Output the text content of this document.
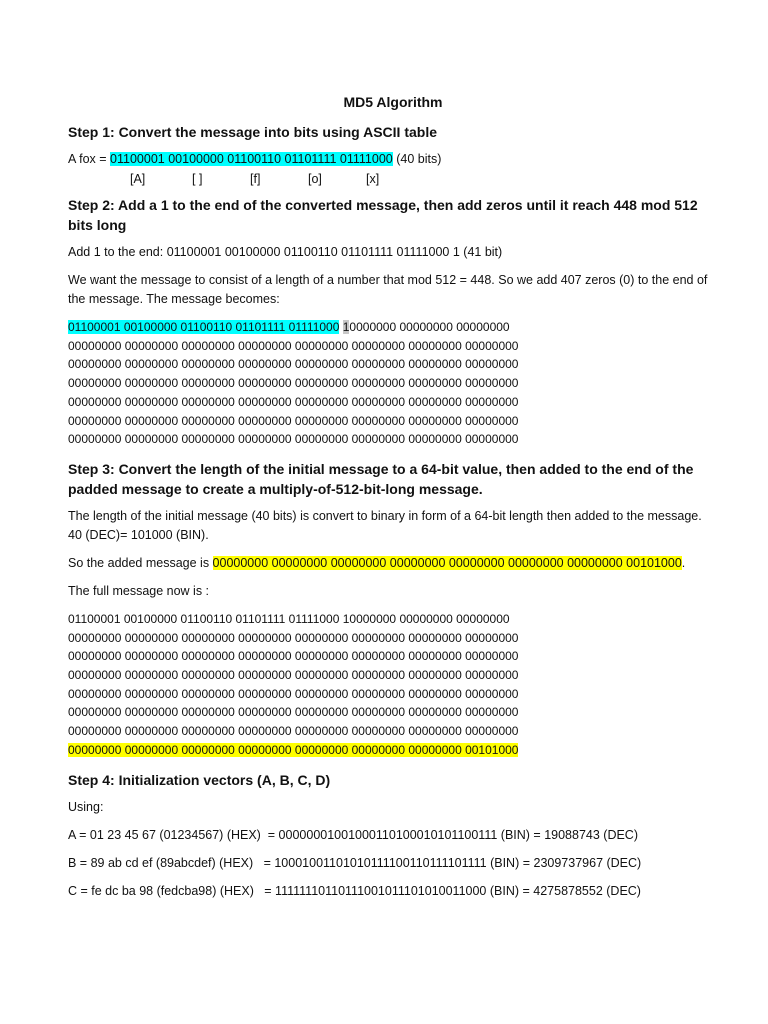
MD5 Algorithm
Step 1: Convert the message into bits using ASCII table
A fox = 01100001 00100000 01100110 01101111 01111000 (40 bits)
[A]	[ ]	[f]	[o]	[x]
Step 2: Add a 1 to the end of the converted message, then add zeros until it reach 448 mod 512 bits long
Add 1 to the end: 01100001 00100000 01100110 01101111 01111000 1 (41 bit)
We want the message to consist of a length of a number that mod 512 = 448. So we add 407 zeros (0) to the end of the message. The message becomes:
01100001 00100000 01100110 01101111 01111000 10000000 00000000 00000000
00000000 00000000 00000000 00000000 00000000 00000000 00000000 00000000
00000000 00000000 00000000 00000000 00000000 00000000 00000000 00000000
00000000 00000000 00000000 00000000 00000000 00000000 00000000 00000000
00000000 00000000 00000000 00000000 00000000 00000000 00000000 00000000
00000000 00000000 00000000 00000000 00000000 00000000 00000000 00000000
00000000 00000000 00000000 00000000 00000000 00000000 00000000 00000000
Step 3: Convert the length of the initial message to a 64-bit value, then added to the end of the padded message to create a multiply-of-512-bit-long message.
The length of the initial message (40 bits) is convert to binary in form of a 64-bit length then added to the message. 40 (DEC)= 101000 (BIN).
So the added message is 00000000 00000000 00000000 00000000 00000000 00000000 00000000 00101000.
The full message now is :
01100001 00100000 01100110 01101111 01111000 10000000 00000000 00000000
00000000 00000000 00000000 00000000 00000000 00000000 00000000 00000000
00000000 00000000 00000000 00000000 00000000 00000000 00000000 00000000
00000000 00000000 00000000 00000000 00000000 00000000 00000000 00000000
00000000 00000000 00000000 00000000 00000000 00000000 00000000 00000000
00000000 00000000 00000000 00000000 00000000 00000000 00000000 00000000
00000000 00000000 00000000 00000000 00000000 00000000 00000000 00000000
00000000 00000000 00000000 00000000 00000000 00000000 00000000 00101000
Step 4: Initialization vectors (A, B, C, D)
Using:
A = 01 23 45 67 (01234567) (HEX)  = 00000001001000110100010101100111 (BIN) = 19088743 (DEC)
B = 89 ab cd ef (89abcdef) (HEX)   = 10001001101010111100110111101111 (BIN) = 2309737967 (DEC)
C = fe dc ba 98 (fedcba98) (HEX)   = 11111110110111001011101010011000 (BIN) = 4275878552 (DEC)
